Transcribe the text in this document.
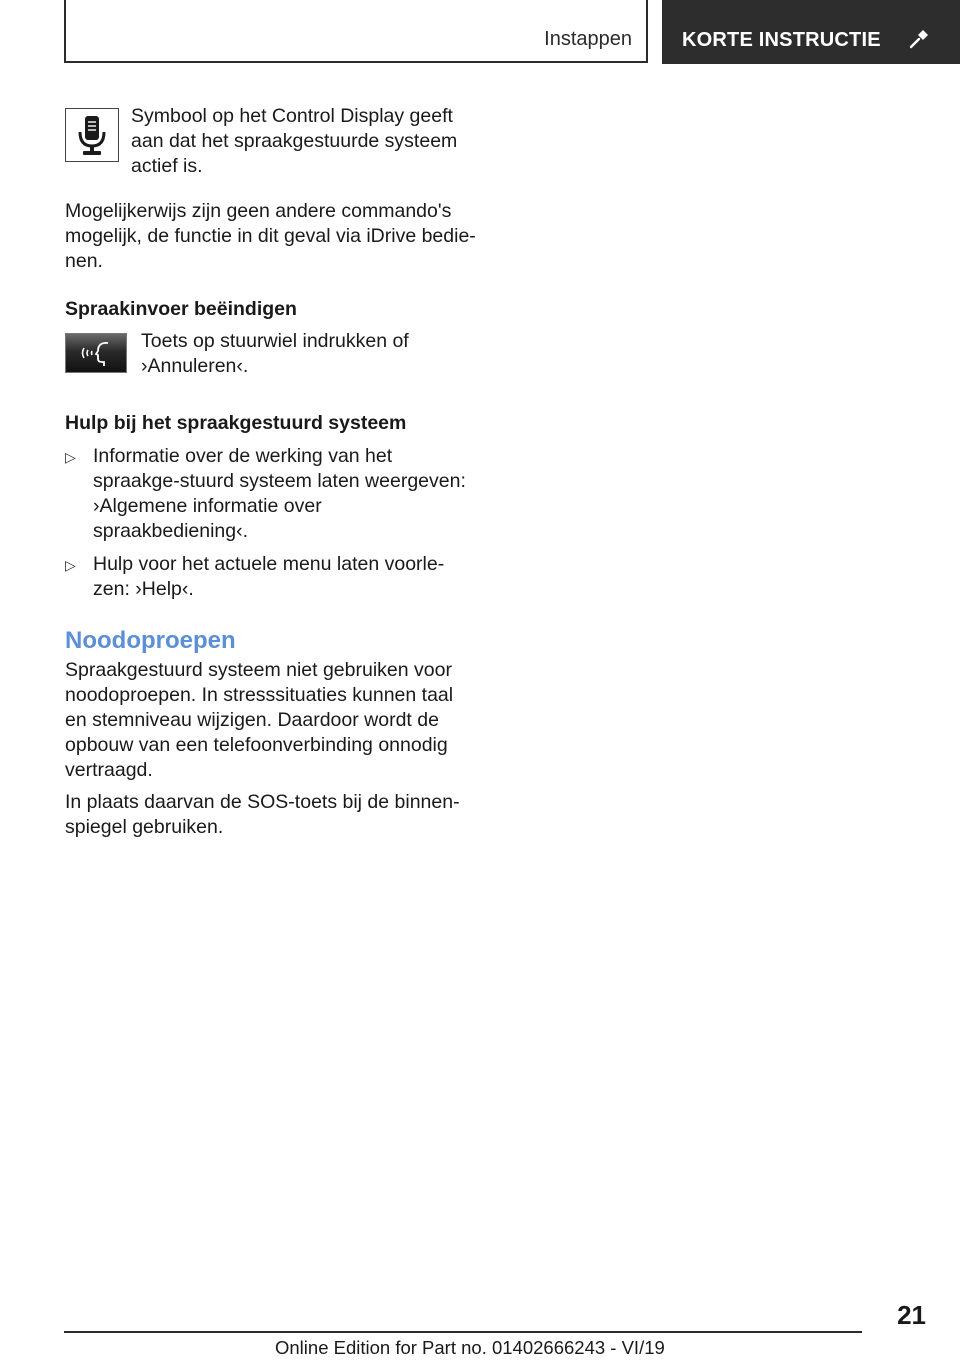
Instappen	KORTE INSTRUCTIE

Symbool op het Control Display geeft aan dat het spraakgestuurde systeem actief is.

Mogelijkerwijs zijn geen andere commando's mogelijk, de functie in dit geval via iDrive bedie-nen.

Spraakinvoer beëindigen

Toets op stuurwiel indrukken of ›Annuleren‹.

Hulp bij het spraakgestuurd systeem

▷ Informatie over de werking van het spraakge-stuurd systeem laten weergeven: ›Algemene informatie over spraakbediening‹.

▷ Hulp voor het actuele menu laten voorle-zen: ›Help‹.

Noodoproepen

Spraakgestuurd systeem niet gebruiken voor noodoproepen. In stresssituaties kunnen taal en stemniveau wijzigen. Daardoor wordt de opbouw van een telefoonverbinding onnodig vertraagd.

In plaats daarvan de SOS-toets bij de binnen-spiegel gebruiken.

21
Online Edition for Part no. 01402666243 - VI/19
